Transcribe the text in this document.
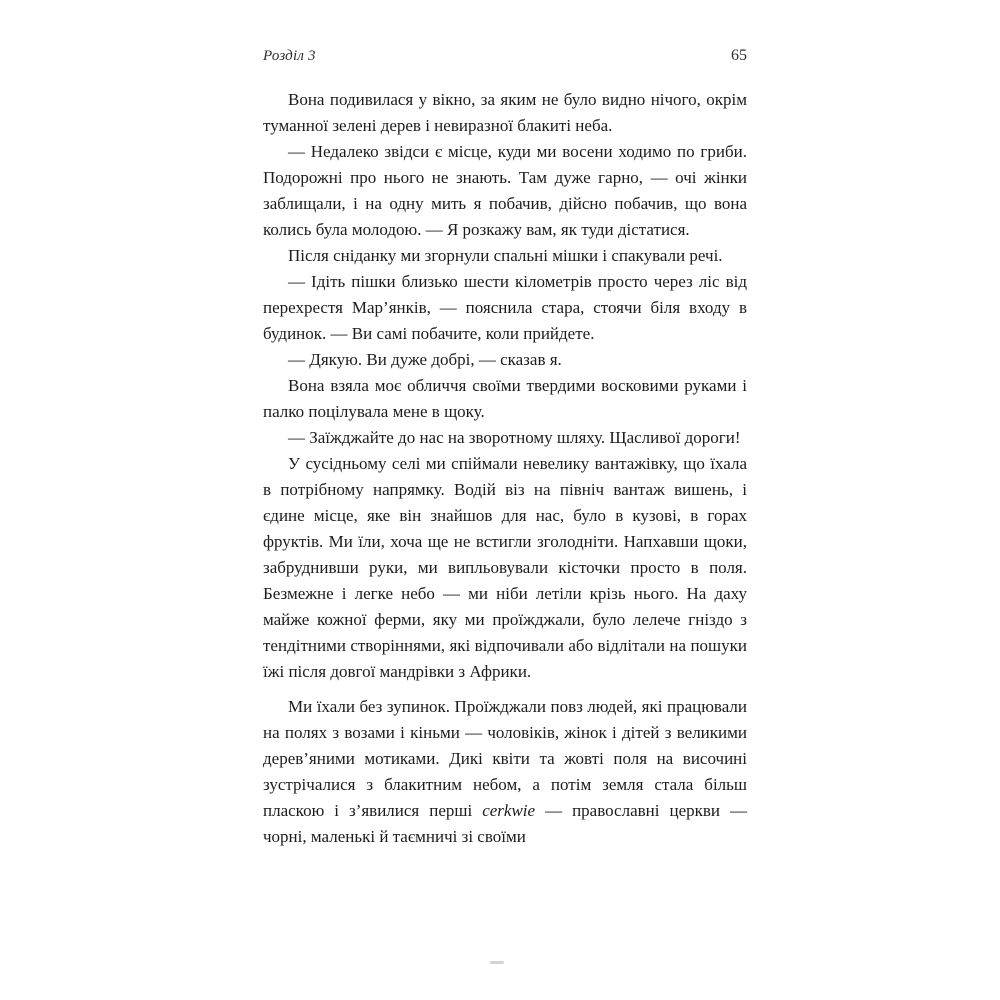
Розділ 3	65

Вона подивилася у вікно, за яким не було видно нічого, окрім туманної зелені дерев і невиразної блакиті неба.

— Недалеко звідси є місце, куди ми восени ходимо по гриби. Подорожні про нього не знають. Там дуже гарно, — очі жінки заблищали, і на одну мить я побачив, дійсно побачив, що вона колись була молодою. — Я розкажу вам, як туди дістатися.

Після сніданку ми згорнули спальні мішки і спакували речі.

— Ідіть пішки близько шести кілометрів просто через ліс від перехрестя Мар’янків, — пояснила стара, стоячи біля входу в будинок. — Ви самі побачите, коли прийдете.

— Дякую. Ви дуже добрі, — сказав я.

Вона взяла моє обличчя своїми твердими восковими руками і палко поцілувала мене в щоку.

— Заїжджайте до нас на зворотному шляху. Щасливої дороги!

У сусідньому селі ми спіймали невелику вантажівку, що їхала в потрібному напрямку. Водій віз на північ вантаж вишень, і єдине місце, яке він знайшов для нас, було в кузові, в горах фруктів. Ми їли, хоча ще не встигли зголодніти. Напхавши щоки, забруднивши руки, ми випльовували кісточки просто в поля. Безмежне і легке небо — ми ніби летіли крізь нього. На даху майже кожної ферми, яку ми проїжджали, було лелече гніздо з тендітними створіннями, які відпочивали або відлітали на пошуки їжі після довгої мандрівки з Африки.

Ми їхали без зупинок. Проїжджали повз людей, які працювали на полях з возами і кіньми — чоловіків, жінок і дітей з великими дерев’яними мотиками. Дикі квіти та жовті поля на височині зустрічалися з блакитним небом, а потім земля стала більш пласкою і з’явилися перші cerkwie — православні церкви — чорні, маленькі й таємничі зі своїми
